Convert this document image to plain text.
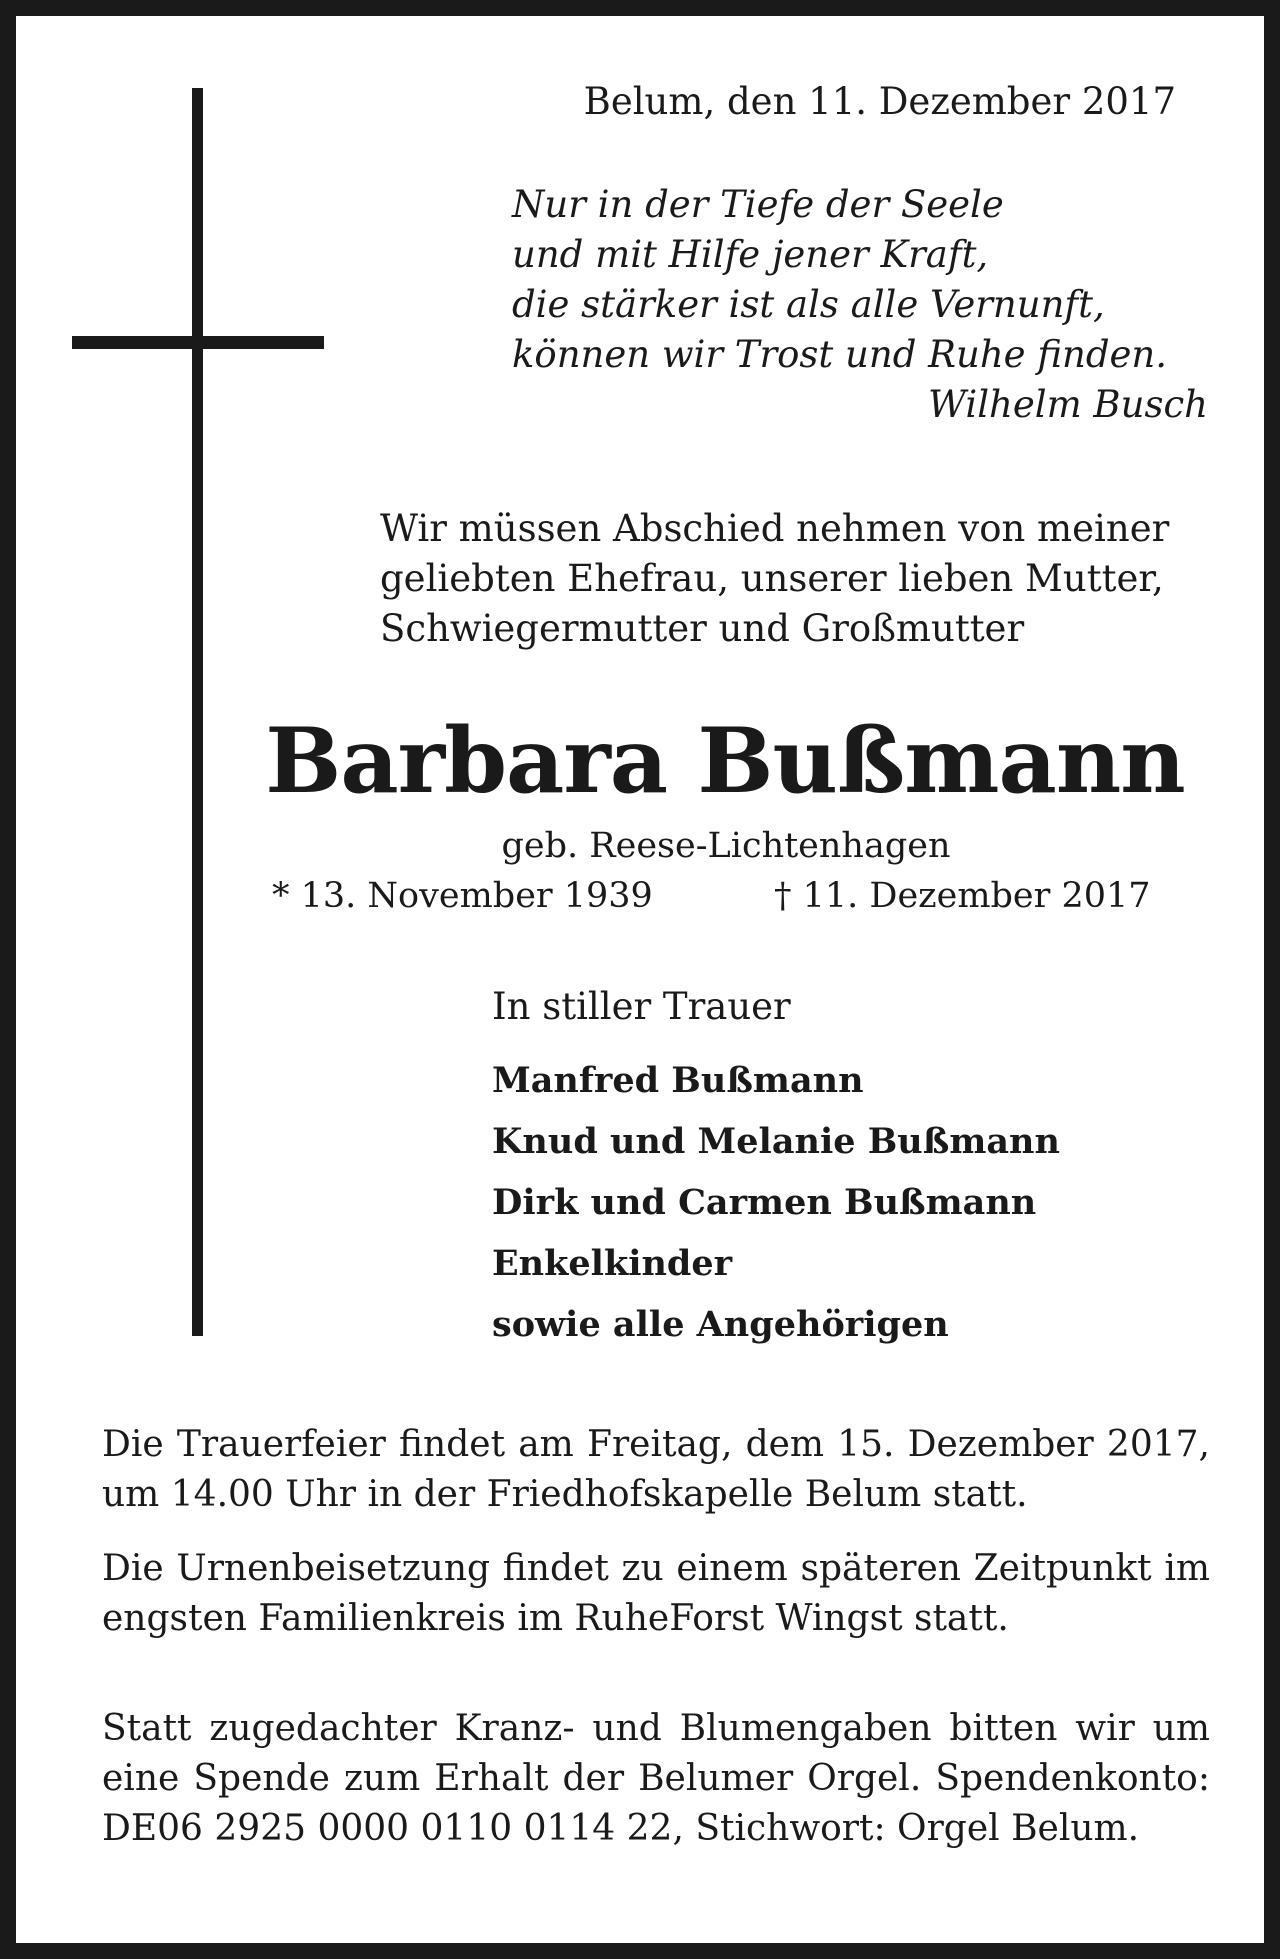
Belum, den 11. Dezember 2017
Nur in der Tiefe der Seele
und mit Hilfe jener Kraft,
die stärker ist als alle Vernunft,
können wir Trost und Ruhe finden.
Wilhelm Busch
Wir müssen Abschied nehmen von meiner
geliebten Ehefrau, unserer lieben Mutter,
Schwiegermutter und Großmutter
Barbara Bußmann
geb. Reese-Lichtenhagen
* 13. November 1939	† 11. Dezember 2017
In stiller Trauer
Manfred Bußmann
Knud und Melanie Bußmann
Dirk und Carmen Bußmann
Enkelkinder
sowie alle Angehörigen

Die Trauerfeier findet am Freitag, dem 15. Dezember 2017, um 14.00 Uhr in der Friedhofskapelle Belum statt.

Die Urnenbeisetzung findet zu einem späteren Zeitpunkt im engsten Familienkreis im RuheForst Wingst statt.

Statt zugedachter Kranz- und Blumengaben bitten wir um eine Spende zum Erhalt der Belumer Orgel. Spendenkonto: DE06 2925 0000 0110 0114 22, Stichwort: Orgel Belum.
